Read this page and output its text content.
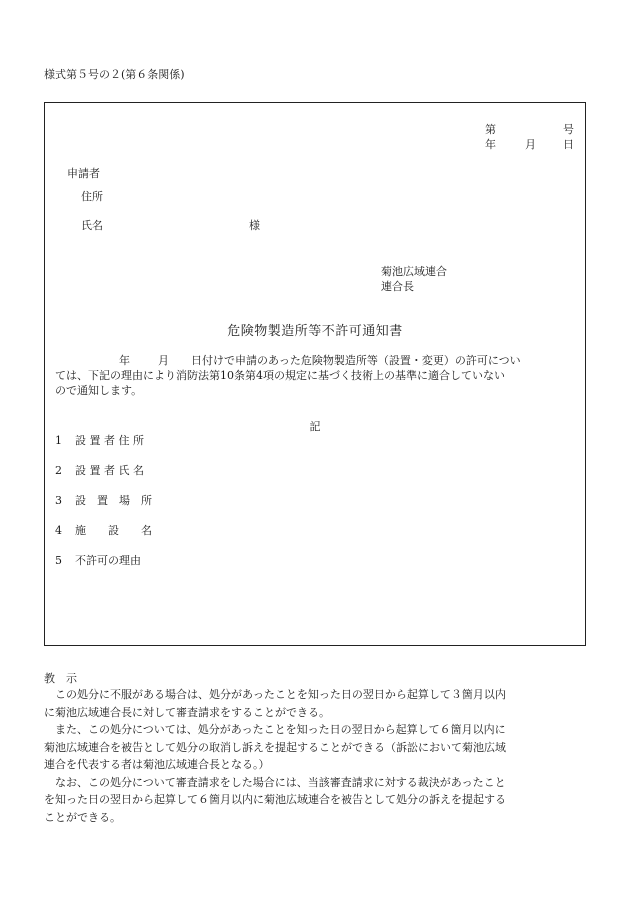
様式第５号の２(第６条関係)
第	号
年	月 日
申請者
住所
氏名	様
菊池広域連合
連合長
危険物製造所等不許可通知書
年	月 日付けで申請のあった危険物製造所等（設置・変更）の許可につい
ては、下記の理由により消防法第10条第4項の規定に基づく技術上の基準に適合していない
ので通知します。
記
1 設 置 者 住 所
2 設 置 者 氏 名
3 設　置　場　所
4 施　　設　　名
5 不許可の理由
教　示
　この処分に不服がある場合は、処分があったことを知った日の翌日から起算して３箇月以内
に菊池広域連合長に対して審査請求をすることができる。
　また、この処分については、処分があったことを知った日の翌日から起算して６箇月以内に
菊池広域連合を被告として処分の取消し訴えを提起することができる（訴訟において菊池広域
連合を代表する者は菊池広域連合長となる。）
　なお、この処分について審査請求をした場合には、当該審査請求に対する裁決があったこと
を知った日の翌日から起算して６箇月以内に菊池広域連合を被告として処分の訴えを提起する
ことができる。
